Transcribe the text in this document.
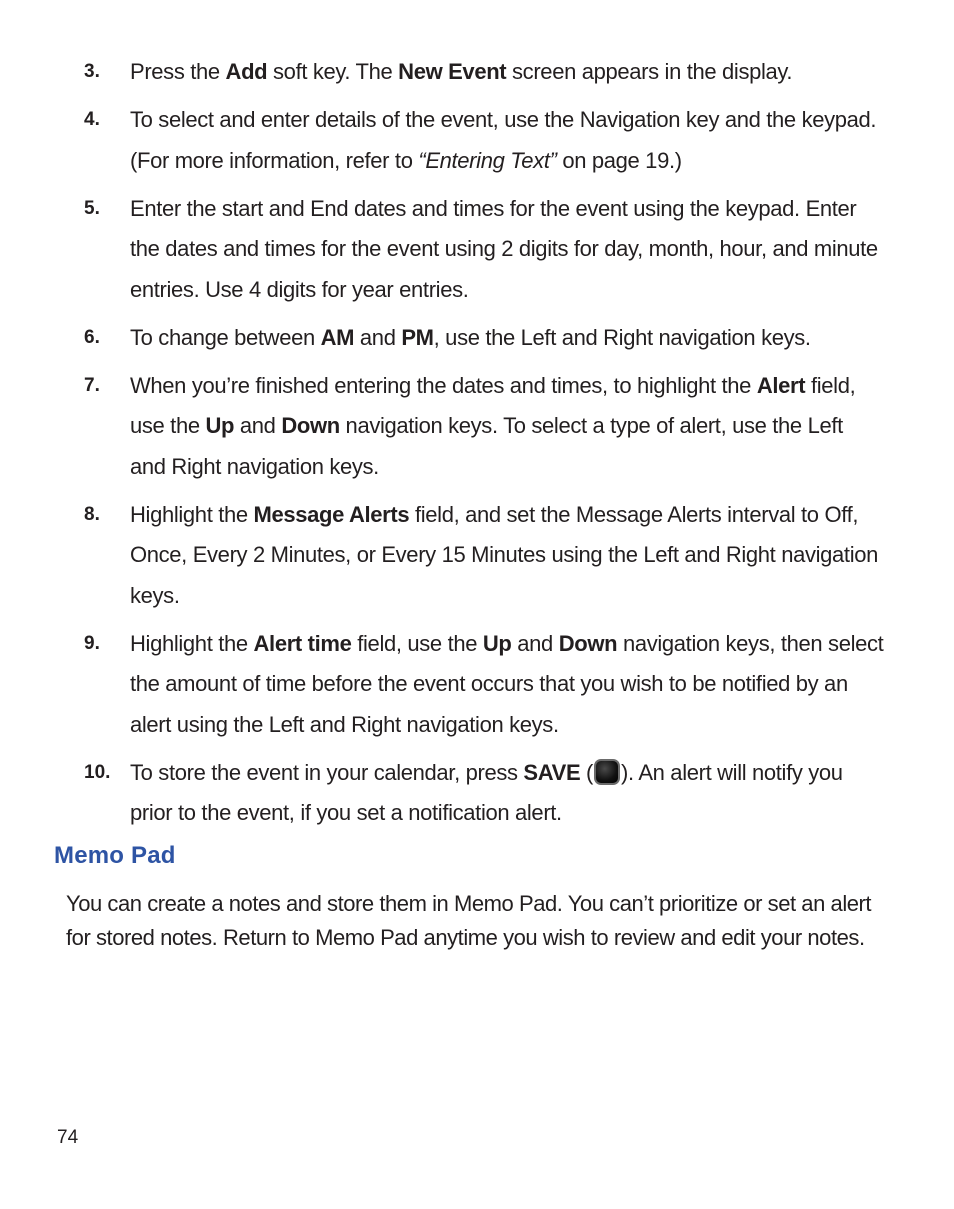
3. Press the Add soft key. The New Event screen appears in the display.
4. To select and enter details of the event, use the Navigation key and the keypad. (For more information, refer to “Entering Text” on page 19.)
5. Enter the start and End dates and times for the event using the keypad. Enter the dates and times for the event using 2 digits for day, month, hour, and minute entries. Use 4 digits for year entries.
6. To change between AM and PM, use the Left and Right navigation keys.
7. When you’re finished entering the dates and times, to highlight the Alert field, use the Up and Down navigation keys. To select a type of alert, use the Left and Right navigation keys.
8. Highlight the Message Alerts field, and set the Message Alerts interval to Off, Once, Every 2 Minutes, or Every 15 Minutes using the Left and Right navigation keys.
9. Highlight the Alert time field, use the Up and Down navigation keys, then select the amount of time before the event occurs that you wish to be notified by an alert using the Left and Right navigation keys.
10. To store the event in your calendar, press SAVE ( ). An alert will notify you prior to the event, if you set a notification alert.
Memo Pad
You can create a notes and store them in Memo Pad. You can’t prioritize or set an alert for stored notes. Return to Memo Pad anytime you wish to review and edit your notes.
74
